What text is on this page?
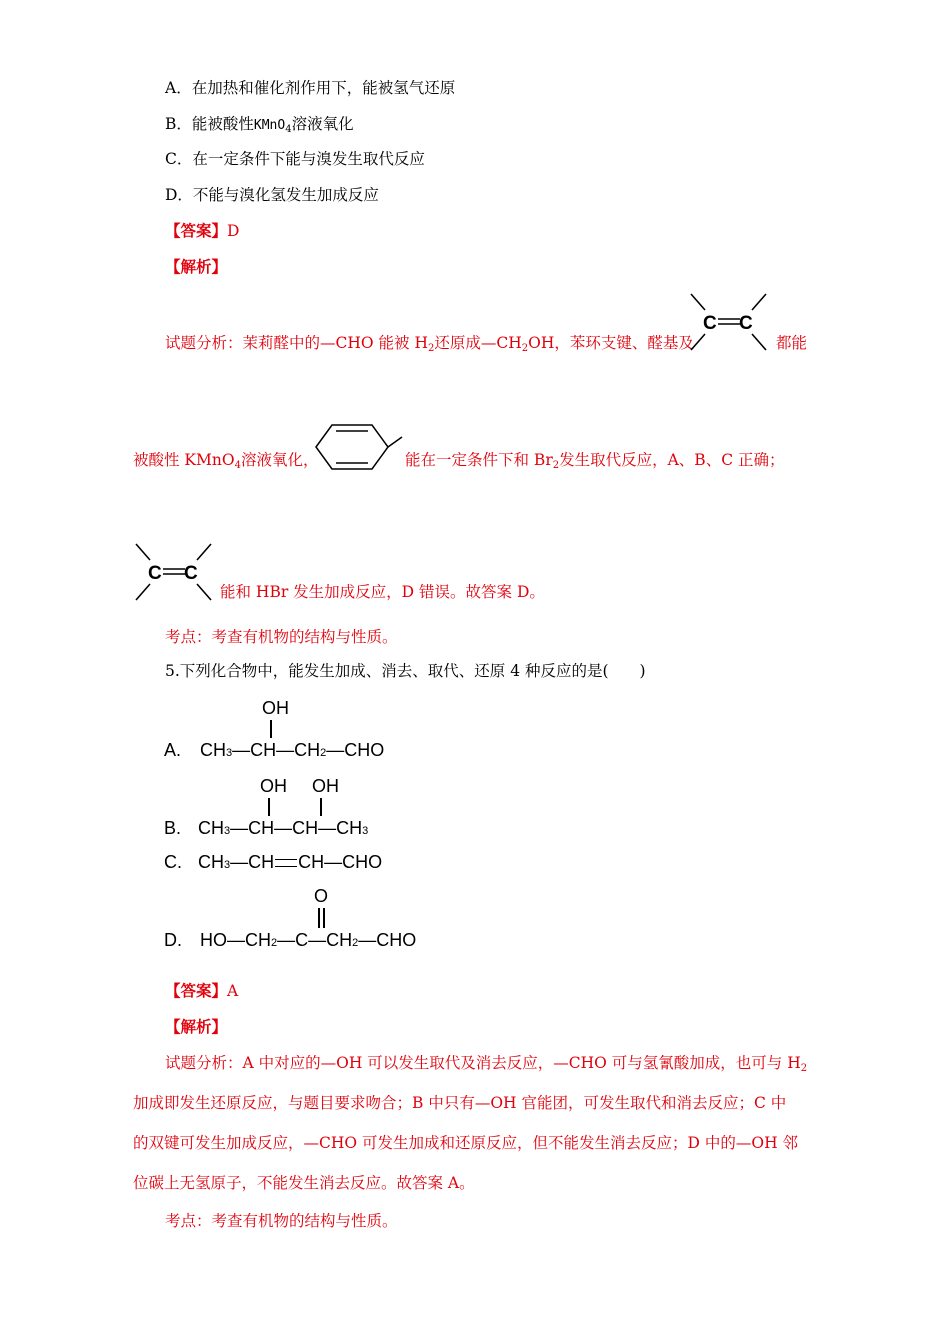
A．在加热和催化剂作用下，能被氢气还原
B．能被酸性KMnO4溶液氧化
C．在一定条件下能与溴发生取代反应
D．不能与溴化氢发生加成反应
【答案】D
【解析】
试题分析：茉莉醛中的—CHO 能被 H2还原成—CH2OH，苯环支键、醛基及
C C
都能
被酸性 KMnO4溶液氧化，	能在一定条件下和 Br2发生取代反应，A、B、C 正确；
C C
能和 HBr 发生加成反应，D 错误。故答案 D。
考点：考查有机物的结构与性质。
5.下列化合物中，能发生加成、消去、取代、还原 4 种反应的是(　　)
A.
OH
CH3—CH—CH2—CHO
B.
OH OH
CH3—CH—CH—CH3
C. CH3—CH CH—CHO
D.
O
HO—CH2—C—CH2—CHO
【答案】A
【解析】
试题分析：A 中对应的—OH 可以发生取代及消去反应，—CHO 可与氢氰酸加成，也可与 H2
加成即发生还原反应，与题目要求吻合；B 中只有—OH 官能团，可发生取代和消去反应；C 中
的双键可发生加成反应，—CHO 可发生加成和还原反应，但不能发生消去反应；D 中的—OH 邻
位碳上无氢原子，不能发生消去反应。故答案 A。
考点：考查有机物的结构与性质。
